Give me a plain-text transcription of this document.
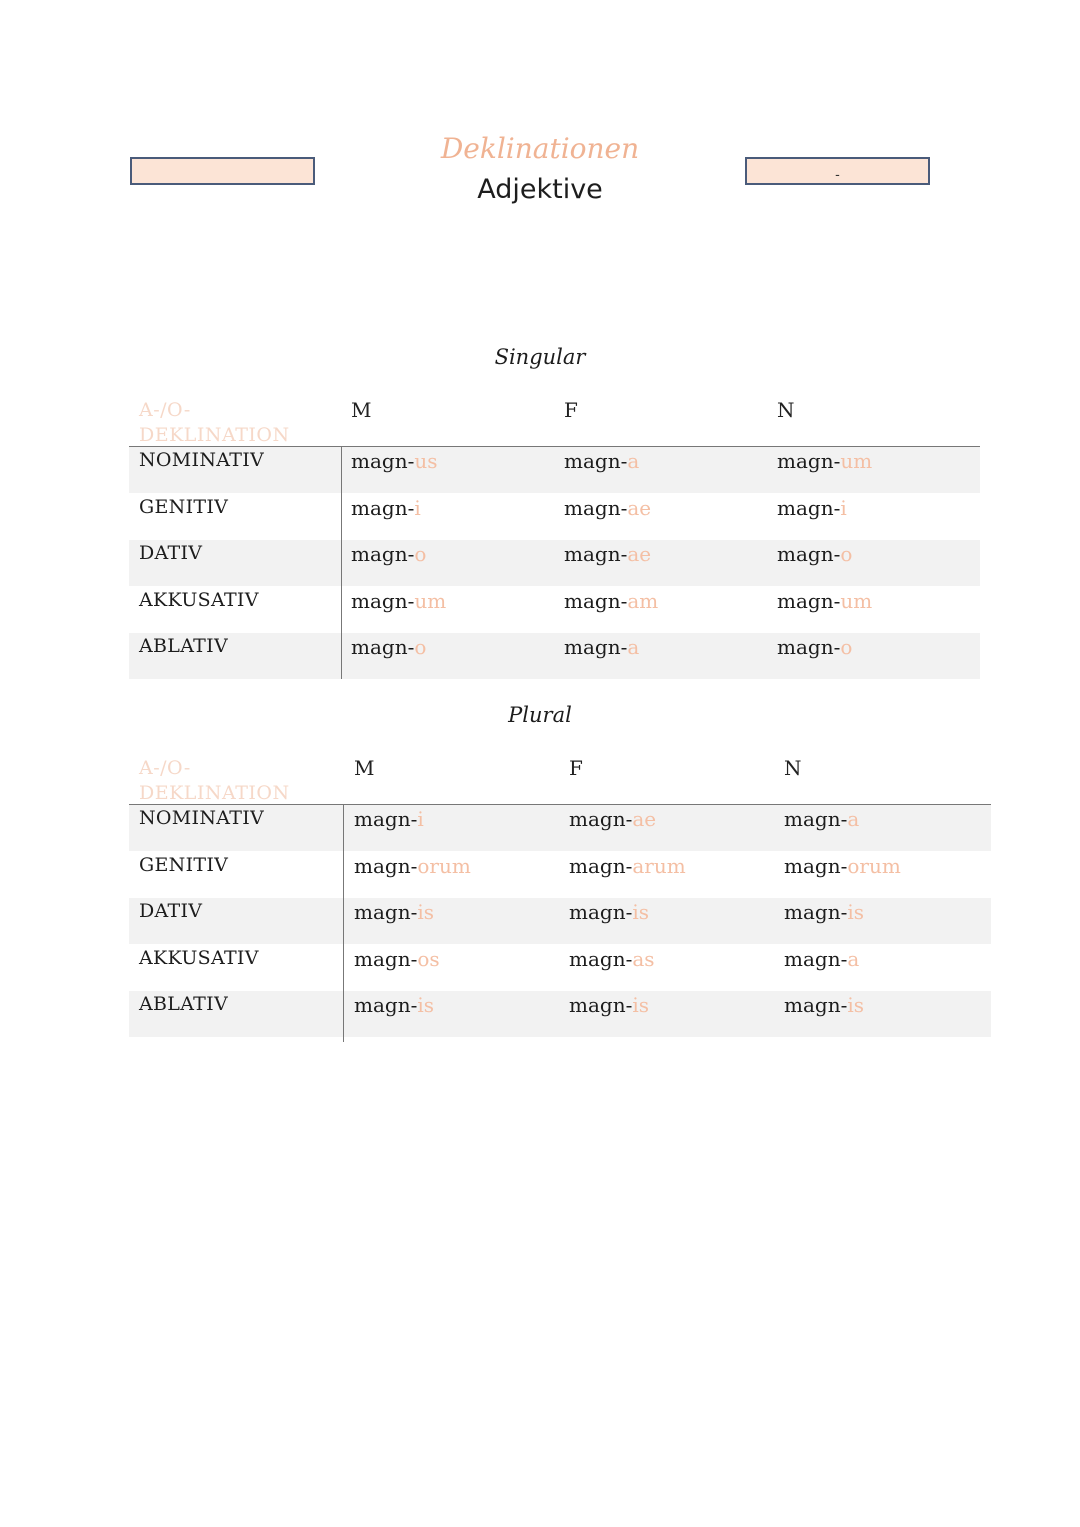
Deklinationen
Adjektive	-
Singular
A-/O-
DEKLINATION
M	F	N
NOMINATIV	magn-us	magn-a	magn-um
GENITIV	magn-i	magn-ae	magn-i
DATIV	magn-o	magn-ae	magn-o
AKKUSATIV	magn-um	magn-am	magn-um
ABLATIV	magn-o	magn-a	magn-o
Plural
A-/O-
DEKLINATION
M	F	N
NOMINATIV	magn-i	magn-ae	magn-a
GENITIV	magn-orum	magn-arum	magn-orum
DATIV	magn-is	magn-is	magn-is
AKKUSATIV	magn-os	magn-as	magn-a
ABLATIV	magn-is	magn-is	magn-is
